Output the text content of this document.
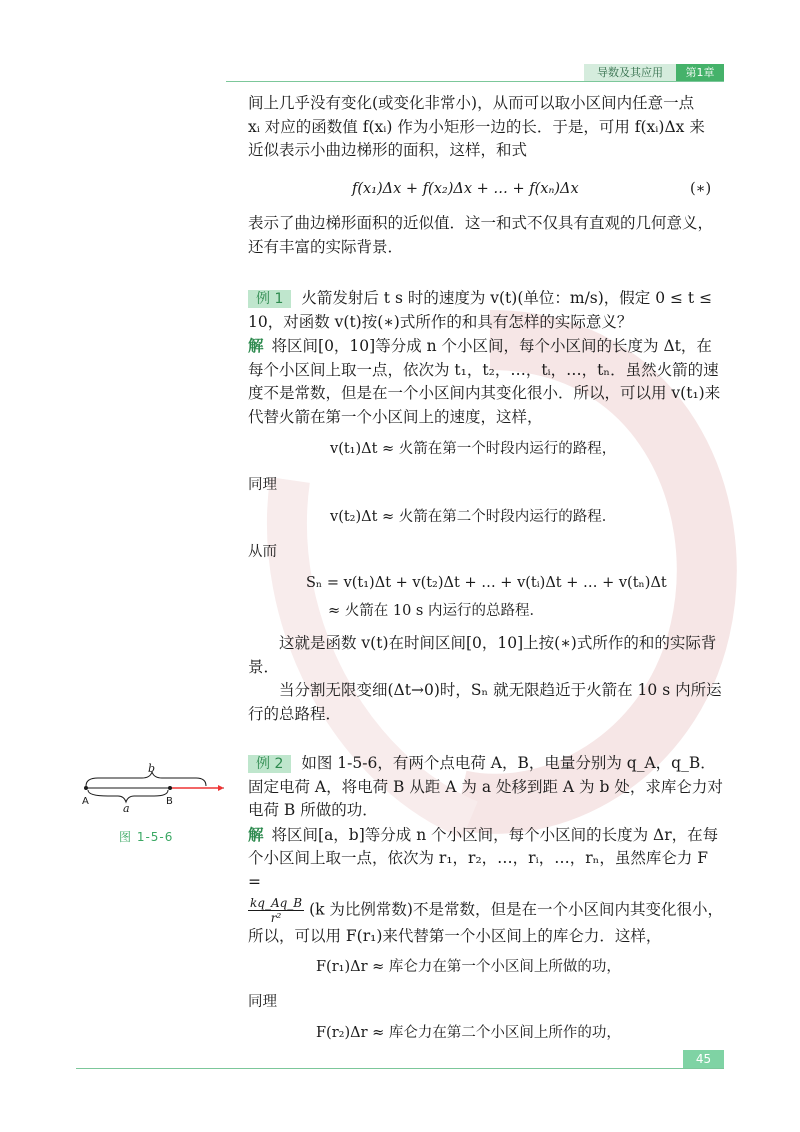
导数及其应用	第1章

间上几乎没有变化(或变化非常小)，从而可以取小区间内任意一点

xᵢ 对应的函数值 f(xᵢ) 作为小矩形一边的长．于是，可用 f(xᵢ)Δx 来

近似表示小曲边梯形的面积，这样，和式

f(x₁)Δx + f(x₂)Δx + … + f(xₙ)Δx	(∗)

表示了曲边梯形面积的近似值．这一和式不仅具有直观的几何意义，

还有丰富的实际背景．

例 1 火箭发射后 t s 时的速度为 v(t)(单位：m/s)，假定 0 ≤ t ≤ 10，对函数 v(t)按(∗)式所作的和具有怎样的实际意义？

解 将区间[0，10]等分成 n 个小区间，每个小区间的长度为 Δt，在每个小区间上取一点，依次为 t₁，t₂，…，tᵢ，…，tₙ．虽然火箭的速度不是常数，但是在一个小区间内其变化很小．所以，可以用 v(t₁)来代替火箭在第一个小区间上的速度，这样，

v(t₁)Δt ≈ 火箭在第一个时段内运行的路程，
同理
v(t₂)Δt ≈ 火箭在第二个时段内运行的路程．
从而
Sₙ = v(t₁)Δt + v(t₂)Δt + … + v(tᵢ)Δt + … + v(tₙ)Δt
≈ 火箭在 10 s 内运行的总路程．

这就是函数 v(t)在时间区间[0，10]上按(∗)式所作的和的实际背景．

当分割无限变细(Δt→0)时，Sₙ 就无限趋近于火箭在 10 s 内所运行的总路程．

b
A	B
a
图 1-5-6

例 2 如图 1-5-6，有两个点电荷 A，B，电量分别为 q_A，q_B．固定电荷 A，将电荷 B 从距 A 为 a 处移到距 A 为 b 处，求库仑力对电荷 B 所做的功．

解 将区间[a，b]等分成 n 个小区间，每个小区间的长度为 Δr，在每个小区间上取一点，依次为 r₁，r₂，…，rᵢ，…，rₙ，虽然库仑力 F =

$\frac{kq\_Aq\_B}{\text{r²}} (k$ 为比例常数)不是常数，但是在一个小区间内其变化很小，

所以，可以用 F(r₁)来代替第一个小区间上的库仑力．这样，

F(r₁)Δr ≈ 库仑力在第一个小区间上所做的功，
同理
F(r₂)Δr ≈ 库仑力在第二个小区间上所作的功，
45
